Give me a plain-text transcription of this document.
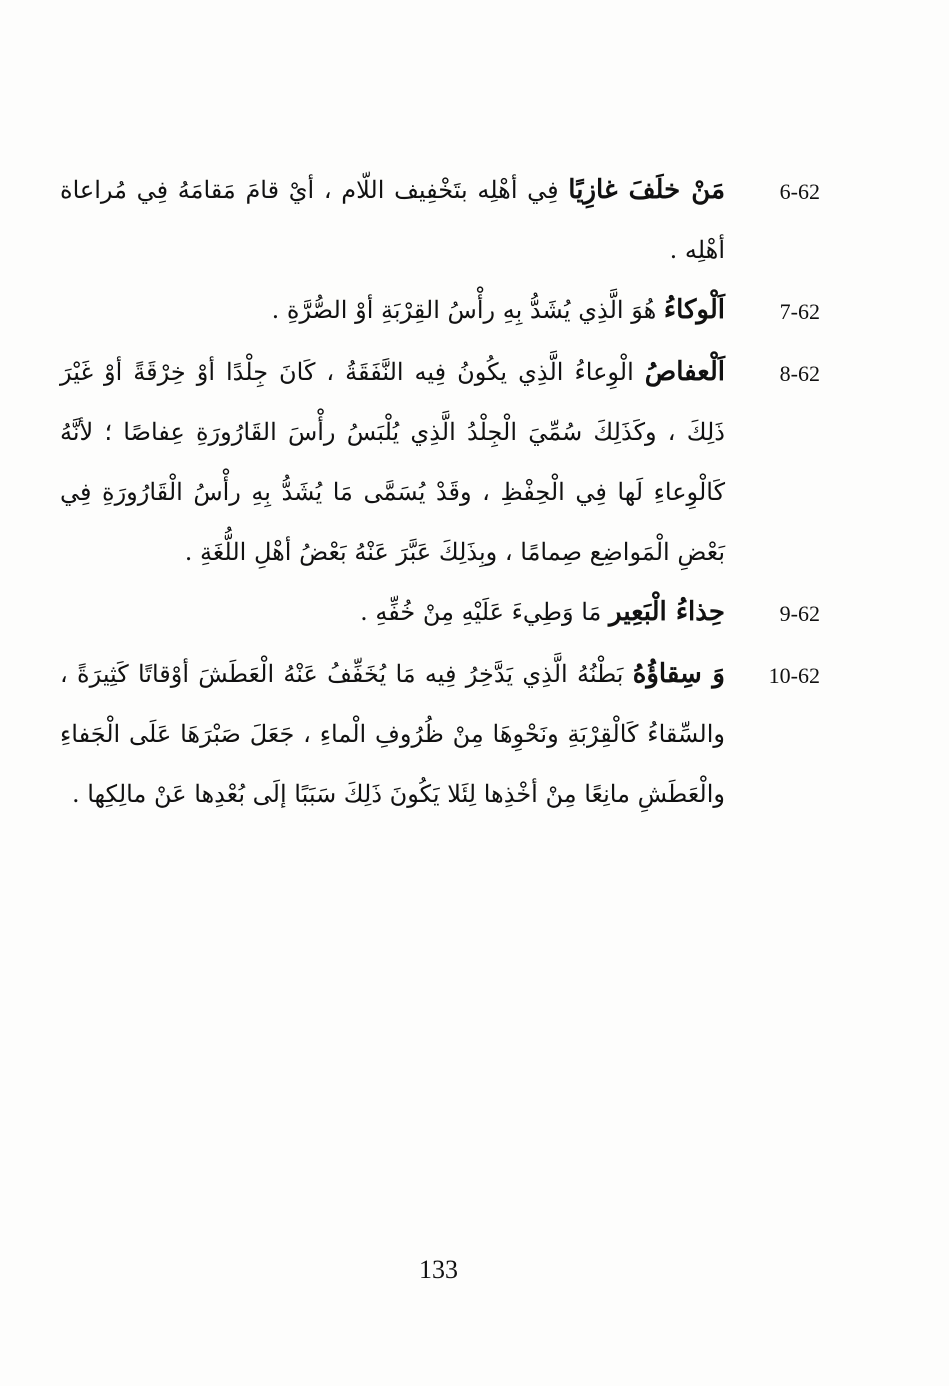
مَنْ خلَفَ غازِيًا فِي أهْلِه بتَخْفِيف اللّام ، أيْ قامَ مَقامَهُ فِي مُراعاة أهْلِه .
6-62
اَلْوكاءُ هُوَ الَّذِي يُشَدُّ بِهِ رأْسُ القِرْبَةِ أوْ الصُّرَّةِ .	7-62
اَلْعفاصُ الْوِعاءُ الَّذِي يكُونُ فِيه النَّفَقَةُ ، كَانَ جِلْدًا أوْ خِرْقَةً أوْ غَيْرَ ذَلِكَ ، وكَذَلِكَ سُمِّيَ الْجِلْدُ الَّذِي يُلْبَسُ رأْسَ القَارُورَةِ عِفاصًا ؛ لأنَّهُ كَالْوِعاءِ لَها فِي الْحِفْظِ ، وقَدْ يُسَمَّى مَا يُشَدُّ بِهِ رأْسُ الْقَارُورَةِ فِي بَعْضِ الْمَواضِع صِمامًا ، وبِذَلِكَ عَبَّرَ عَنْهُ بَعْضُ أهْلِ اللُّغَةِ .
8-62
حِذاءُ الْبَعِير مَا وَطِيءَ عَلَيْهِ مِنْ خُفِّهِ .	9-62
وَ سِقاؤُهُ بَطْنُهُ الَّذِي يَدَّخِرُ فِيه مَا يُخَفِّفُ عَنْهُ الْعَطَشَ أوْقاتًا كَثِيرَةً ، والسِّقاءُ كَالْقِرْبَةِ ونَحْوِهَا مِنْ ظُرُوفِ الْماءِ ، جَعَلَ صَبْرَهَا عَلَى الْجَفاءِ والْعَطَشِ مانِعًا مِنْ أخْذِها لِئَلا يَكُونَ ذَلِكَ سَبَبًا إلَى بُعْدِها عَنْ مالِكِها .
10-62
133
